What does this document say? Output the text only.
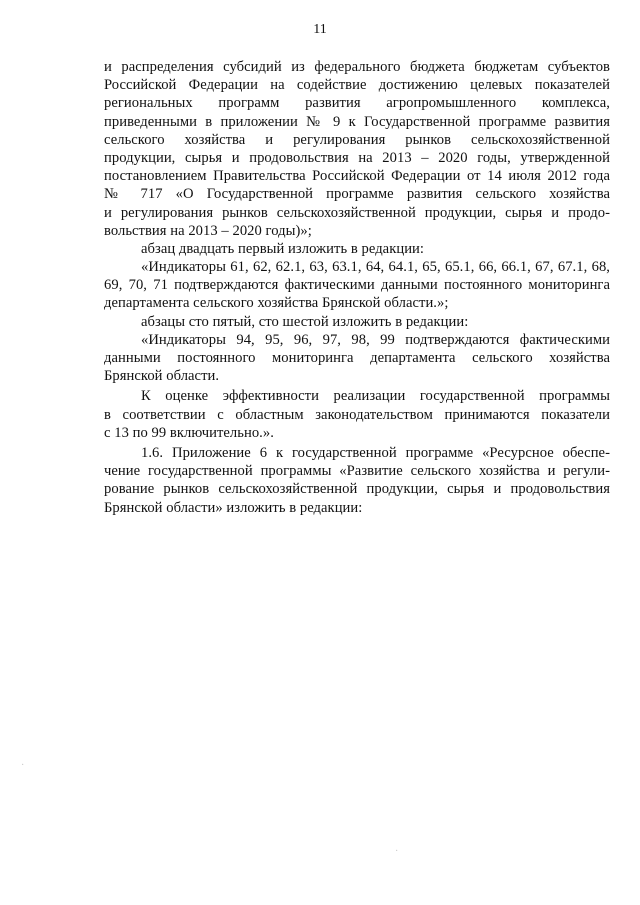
11

и распределения субсидий из федерального бюджета бюджетам субъектов
Российской Федерации на содействие достижению целевых показателей
региональных программ развития агропромышленного комплекса,
приведенными в приложении № 9 к Государственной программе развития
сельского хозяйства и регулирования рынков сельскохозяйственной
продукции, сырья и продовольствия на 2013 – 2020 годы, утвержденной
постановлением Правительства Российской Федерации от 14 июля 2012 года
№ 717 «О Государственной программе развития сельского хозяйства
и регулирования рынков сельскохозяйственной продукции, сырья и продо-
вольствия на 2013 – 2020 годы)»;

абзац двадцать первый изложить в редакции:

«Индикаторы 61, 62, 62.1, 63, 63.1, 64, 64.1, 65, 65.1, 66, 66.1, 67, 67.1, 68,
69, 70, 71 подтверждаются фактическими данными постоянного мониторинга
департамента сельского хозяйства Брянской области.»;

абзацы сто пятый, сто шестой изложить в редакции:

«Индикаторы 94, 95, 96, 97, 98, 99 подтверждаются фактическими
данными постоянного мониторинга департамента сельского хозяйства
Брянской области.

К оценке эффективности реализации государственной программы
в соответствии с областным законодательством принимаются показатели
с 13 по 99 включительно.».

1.6. Приложение 6 к государственной программе «Ресурсное обеспе-
чение государственной программы «Развитие сельского хозяйства и регули-
рование рынков сельскохозяйственной продукции, сырья и продовольствия
Брянской области» изложить в редакции:

·
·
